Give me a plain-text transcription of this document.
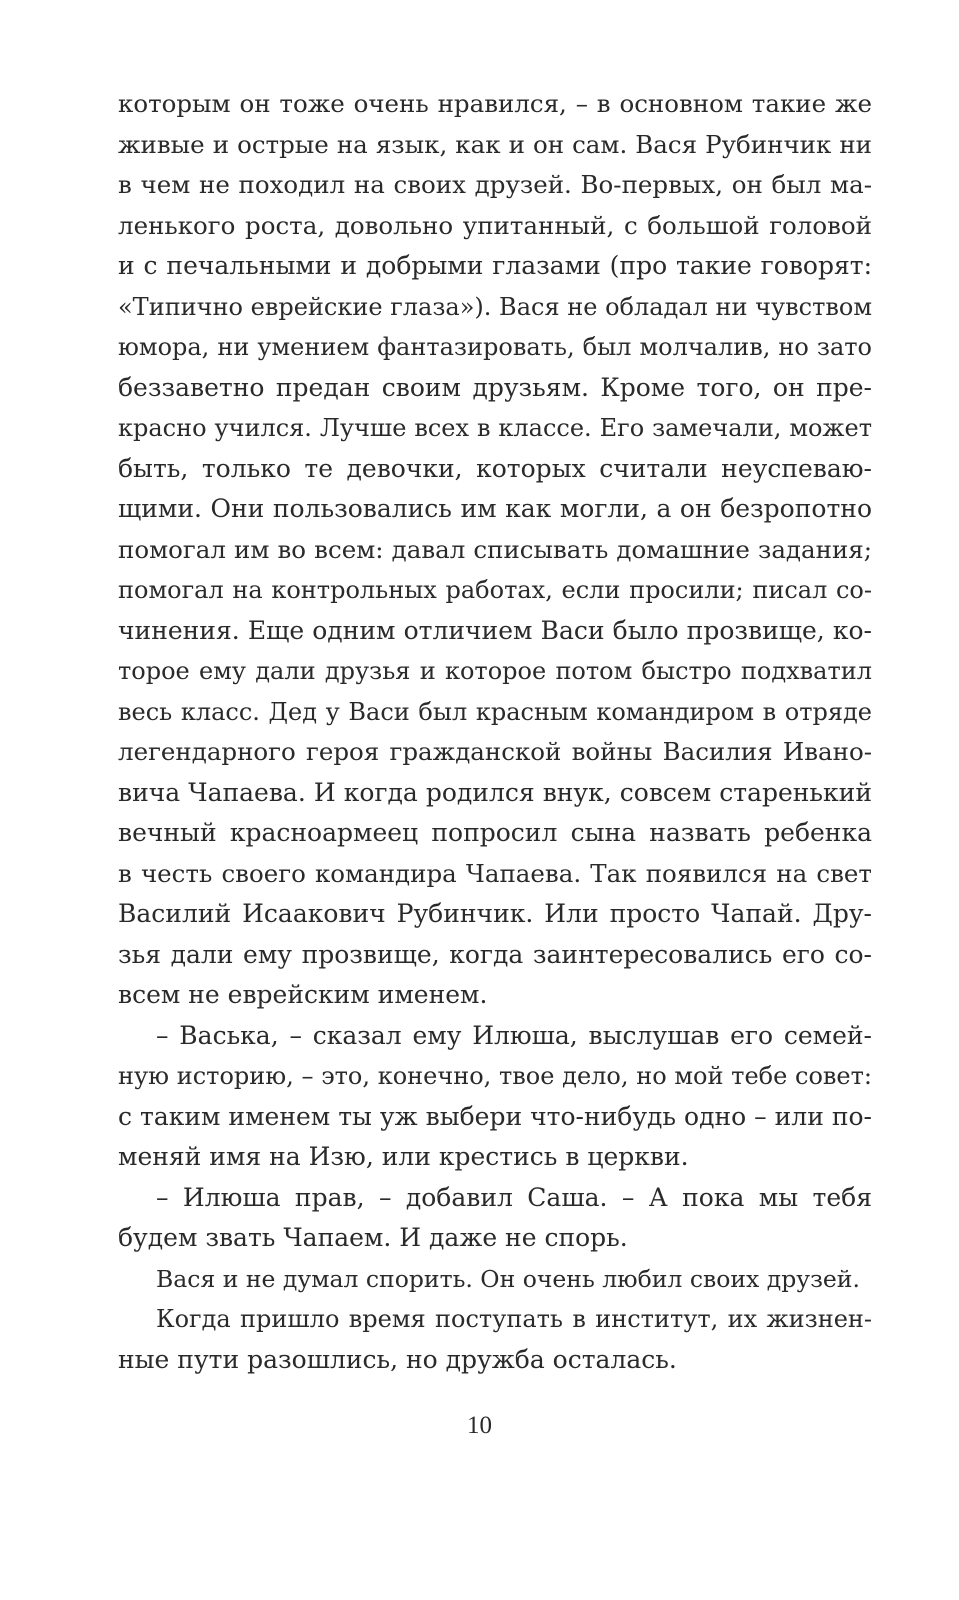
которым он тоже очень нравился, – в основном такие же
живые и острые на язык, как и он сам. Вася Рубинчик ни
в чем не походил на своих друзей. Во-первых, он был ма-
ленького роста, довольно упитанный, с большой головой
и с печальными и добрыми глазами (про такие говорят:
«Типично еврейские глаза»). Вася не обладал ни чувством
юмора, ни умением фантазировать, был молчалив, но зато
беззаветно предан своим друзьям. Кроме того, он пре-
красно учился. Лучше всех в классе. Его замечали, может
быть, только те девочки, которых считали неуспеваю-
щими. Они пользовались им как могли, а он безропотно
помогал им во всем: давал списывать домашние задания;
помогал на контрольных работах, если просили; писал со-
чинения. Еще одним отличием Васи было прозвище, ко-
торое ему дали друзья и которое потом быстро подхватил
весь класс. Дед у Васи был красным командиром в отряде
легендарного героя гражданской войны Василия Ивано-
вича Чапаева. И когда родился внук, совсем старенький
вечный красноармеец попросил сына назвать ребенка
в честь своего командира Чапаева. Так появился на свет
Василий Исаакович Рубинчик. Или просто Чапай. Дру-
зья дали ему прозвище, когда заинтересовались его со-
всем не еврейским именем.
– Васька, – сказал ему Илюша, выслушав его семей-
ную историю, – это, конечно, твое дело, но мой тебе совет:
с таким именем ты уж выбери что-нибудь одно – или по-
меняй имя на Изю, или крестись в церкви.
– Илюша прав, – добавил Саша. – А пока мы тебя
будем звать Чапаем. И даже не спорь.
Вася и не думал спорить. Он очень любил своих друзей.
Когда пришло время поступать в институт, их жизнен-
ные пути разошлись, но дружба осталась.
10
